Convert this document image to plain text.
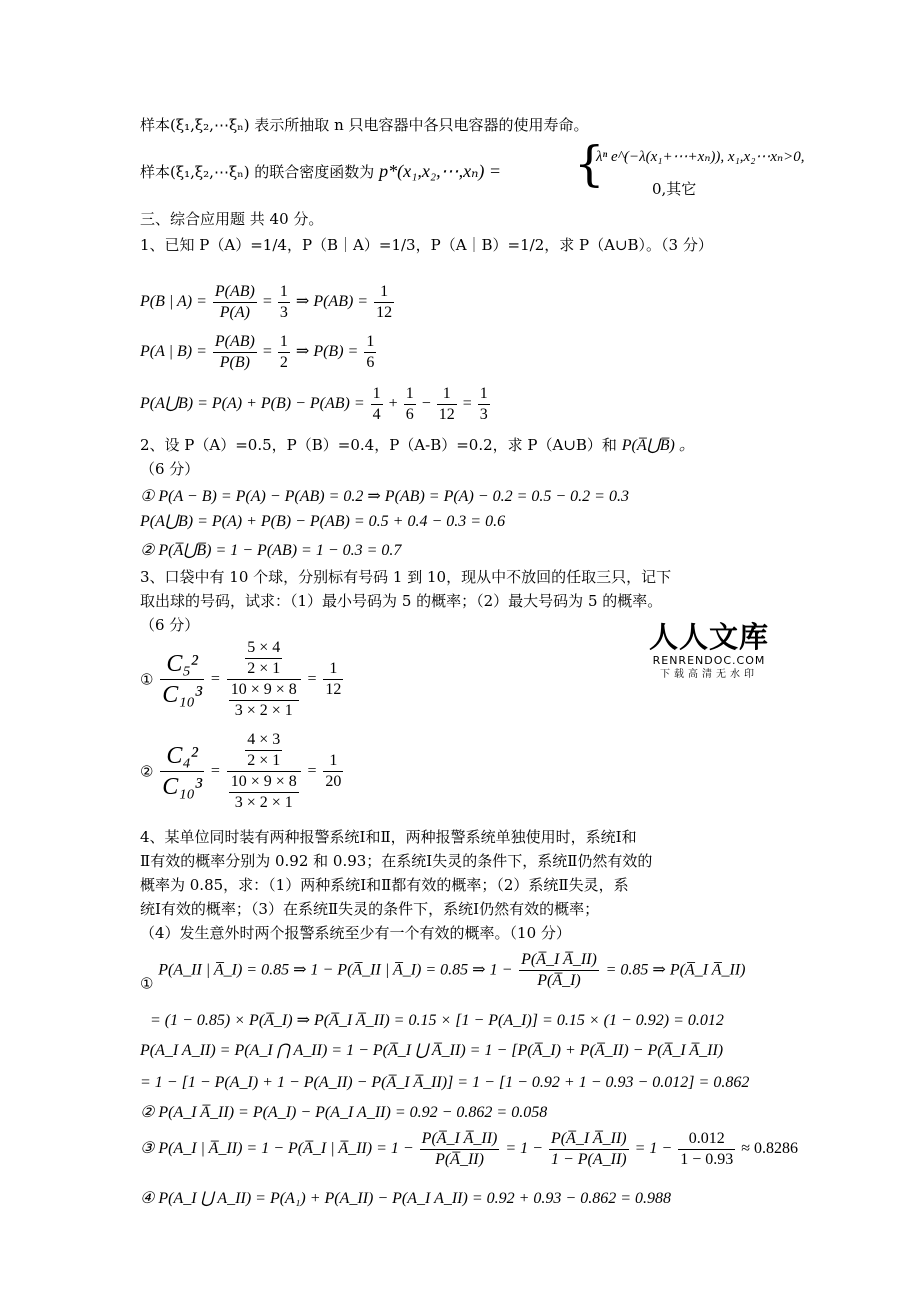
样本(ξ₁,ξ₂,⋯ξₙ) 表示所抽取 n 只电容器中各只电容器的使用寿命。
样本(ξ₁,ξ₂,⋯ξₙ) 的联合密度函数为 p*(x₁,x₂,⋯,xₙ) = {
λⁿ e^(−λ(x₁+⋯+xₙ)), x₁,x₂⋯xₙ>0,
0,其它
三、综合应用题 共 40 分。
1、已知 P（A）=1/4，P（B｜A）=1/3，P（A｜B）=1/2，求 P（A∪B）。（3 分）
P(B | $A) = \frac{P(AB)}{P(A)} = \frac{1}{3}$ ⇒ $P(AB) = \frac{1}{12}$
P(A | $B) = \frac{P(AB)}{P(B)} = \frac{1}{2}$ ⇒ $P(B) = \frac{1}{6}$
P(A⋃B) = $P(A) + P(B) - P(AB) = \frac{1}{4} + \frac{1}{6} - \frac{1}{12} = \frac{1}{3}$
2、设 P（A）=0.5，P（B）=0.4，P（A-B）=0.2，求 P（A∪B）和 P(A̅⋃B̅) 。
（6 分）
① P(A − B) = P(A) − P(AB) = 0.2 ⇒ P(AB) = P(A) − 0.2 = 0.5 − 0.2 = 0.3
P(A⋃B) = P(A) + P(B) − P(AB) = 0.5 + 0.4 − 0.3 = 0.6
② P(A̅⋃B̅) = 1 − P(AB) = 1 − 0.3 = 0.7
3、口袋中有 10 个球，分别标有号码 1 到 10，现从中不放回的任取三只，记下
取出球的号码，试求：（1）最小号码为 5 的概率；（2）最大号码为 5 的概率。
（6 分）
① $\frac{\text{C₅²}}{\text{C₁₀³}} = \frac{\frac{5 \times 4}{2 \times 1}}{\frac{10 \times 9 \times 8}{3 \times 2 \times 1}} = \frac{1}{12}$
② $\frac{\text{C₄²}}{\text{C₁₀³}} = \frac{\frac{4 \times 3}{2 \times 1}}{\frac{10 \times 9 \times 8}{3 \times 2 \times 1}} = \frac{1}{20}$
人人文库
RENRENDOC.COM
下载高清无水印
4、某单位同时装有两种报警系统Ⅰ和Ⅱ，两种报警系统单独使用时，系统Ⅰ和
Ⅱ有效的概率分别为 0.92 和 0.93；在系统Ⅰ失灵的条件下，系统Ⅱ仍然有效的
概率为 0.85，求：（1）两种系统Ⅰ和Ⅱ都有效的概率；（2）系统Ⅱ失灵，系
统Ⅰ有效的概率；（3）在系统Ⅱ失灵的条件下，系统Ⅰ仍然有效的概率；
（4）发生意外时两个报警系统至少有一个有效的概率。（10 分）
① P(A_II | A̅_I) = 0.85 ⇒ 1 − P(A̅_II | A̅_I) = 0.85 ⇒ $1 - \frac{\text{P(A̅\_I A̅\_II)}}{P(A̅\_I)} = 0.85$ ⇒ P(A̅_I A̅_II)
= (1 − 0.85) × P(A̅_I) ⇒ P(A̅_I A̅_II) = 0.15 × [1 − P(A_I)] = 0.15 × (1 − 0.92) = 0.012
P(A_I A_II) = P(A_I ⋂ A_II) = 1 − P(A̅_I ⋃ A̅_II) = 1 − [P(A̅_I) + P(A̅_II) − P(A̅_I A̅_II)
= 1 − [1 − P(A_I) + 1 − P(A_II) − P(A̅_I A̅_II)] = 1 − [1 − 0.92 + 1 − 0.93 − 0.012] = 0.862
② P(A_I A̅_II) = P(A_I) − P(A_I A_II) = 0.92 − 0.862 = 0.058
③ P(A_I | A̅_II) = 1 − P(A̅_I | A̅_II) = $1 - \frac{\text{P(A̅\_I A̅\_II)}}{P(A̅\_II)} = 1 - \frac{\text{P(A̅\_I A̅\_II)}}{1 - P(A\_II)} = 1 - \frac{0.012}{1 - 0.93} \approx 0.8286$
④ P(A_I ⋃ A_II) = P(A₁) + P(A_II) − P(A_I A_II) = 0.92 + 0.93 − 0.862 = 0.988
